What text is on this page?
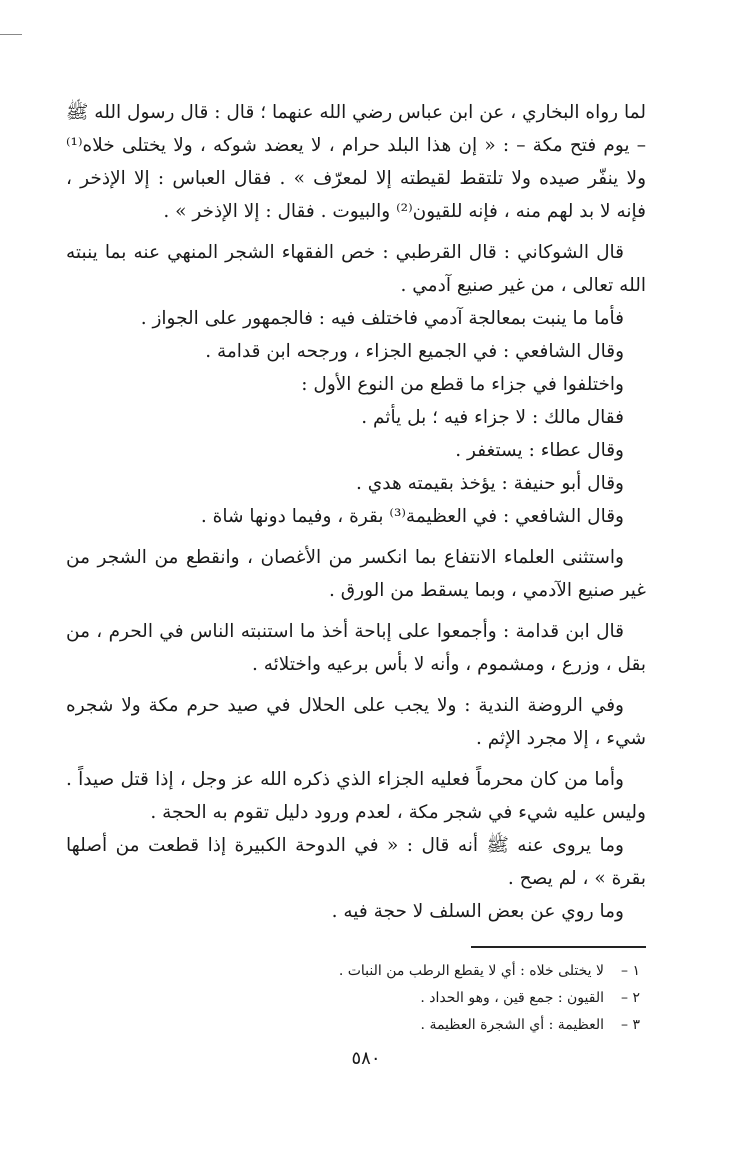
لما رواه البخاري ، عن ابن عباس رضي الله عنهما ؛ قال : قال رسول الله ﷺ – يوم فتح مكة – : « إن هذا البلد حرام ، لا يعضد شوكه ، ولا يختلى خلاه⁽¹⁾ ولا ينفّر صيده ولا تلتقط لقيطته إلا لمعرّف » . فقال العباس : إلا الإذخر ، فإنه لا بد لهم منه ، فإنه للقيون⁽²⁾ والبيوت . فقال : إلا الإذخر » .

قال الشوكاني : قال القرطبي : خص الفقهاء الشجر المنهي عنه بما ينبته الله تعالى ، من غير صنيع آدمي .

فأما ما ينبت بمعالجة آدمي فاختلف فيه : فالجمهور على الجواز .

وقال الشافعي : في الجميع الجزاء ، ورجحه ابن قدامة .

واختلفوا في جزاء ما قطع من النوع الأول :

فقال مالك : لا جزاء فيه ؛ بل يأثم .

وقال عطاء : يستغفر .

وقال أبو حنيفة : يؤخذ بقيمته هدي .

وقال الشافعي : في العظيمة⁽³⁾ بقرة ، وفيما دونها شاة .

واستثنى العلماء الانتفاع بما انكسر من الأغصان ، وانقطع من الشجر من غير صنيع الآدمي ، وبما يسقط من الورق .

قال ابن قدامة : وأجمعوا على إباحة أخذ ما استنبته الناس في الحرم ، من بقل ، وزرع ، ومشموم ، وأنه لا بأس برعيه واختلائه .

وفي الروضة الندية : ولا يجب على الحلال في صيد حرم مكة ولا شجره شيء ، إلا مجرد الإثم .

وأما من كان محرماً فعليه الجزاء الذي ذكره الله عز وجل ، إذا قتل صيداً . وليس عليه شيء في شجر مكة ، لعدم ورود دليل تقوم به الحجة .

وما يروى عنه ﷺ أنه قال : « في الدوحة الكبيرة إذا قطعت من أصلها بقرة » ، لم يصح .

وما روي عن بعض السلف لا حجة فيه .

١ –
لا يختلى خلاه : أي لا يقطع الرطب من النبات .
٢ –
القيون : جمع قين ، وهو الحداد .
٣ –
العظيمة : أي الشجرة العظيمة .
٥٨٠
